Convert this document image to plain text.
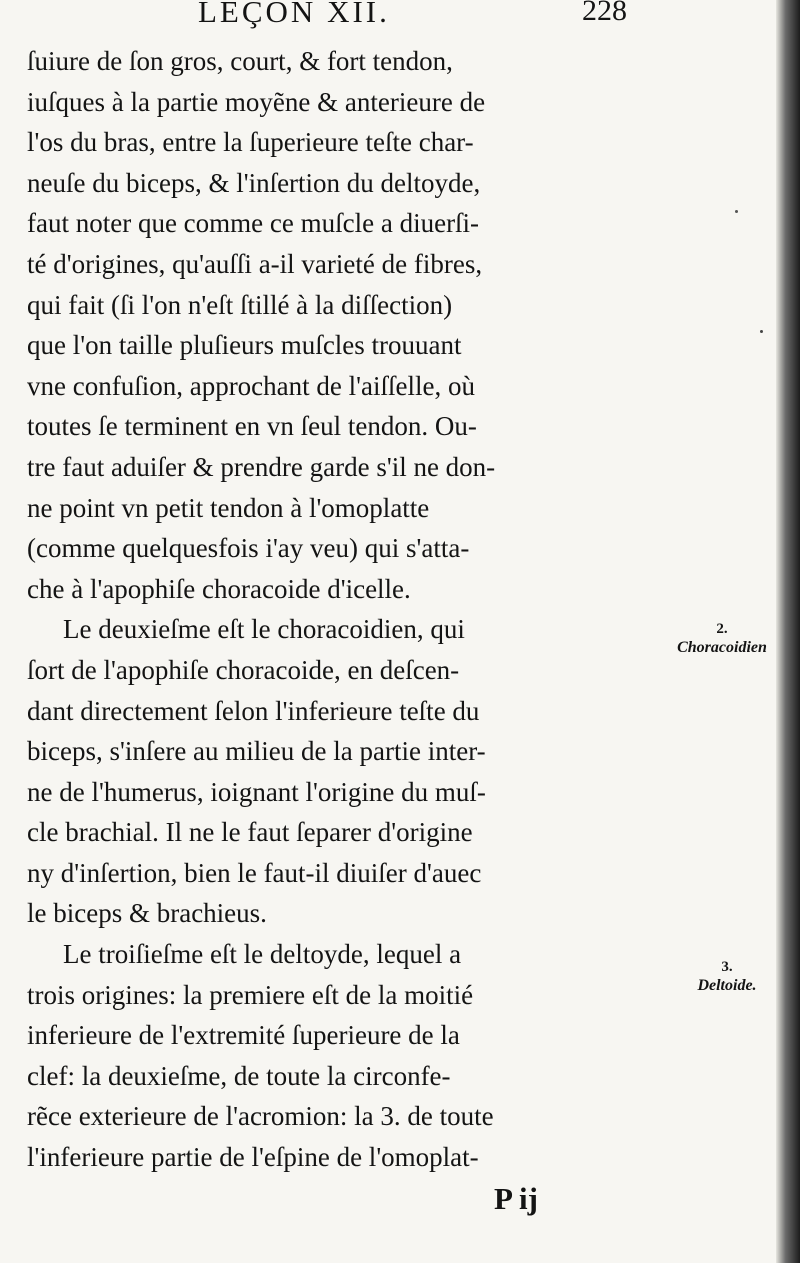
LEÇON XII.	228
ſuiure de ſon gros, court, & fort tendon,
iuſques à la partie moyẽne & anterieure de
l'os du bras, entre la ſuperieure teſte char-
neuſe du biceps, & l'inſertion du deltoyde,
faut noter que comme ce muſcle a diuerſi-
té d'origines, qu'auſſi a-il varieté de fibres,
qui fait (ſi l'on n'eſt ſtillé à la diſſection)
que l'on taille pluſieurs muſcles trouuant
vne confuſion, approchant de l'aiſſelle, où
toutes ſe terminent en vn ſeul tendon. Ou-
tre faut aduiſer & prendre garde s'il ne don-
ne point vn petit tendon à l'omoplatte
(comme quelquesfois i'ay veu) qui s'atta-
che à l'apophiſe choracoide d'icelle.
Le deuxieſme eſt le choracoidien, qui
ſort de l'apophiſe choracoide, en deſcen-
dant directement ſelon l'inferieure teſte du
biceps, s'inſere au milieu de la partie inter-
ne de l'humerus, ioignant l'origine du muſ-
cle brachial. Il ne le faut ſeparer d'origine
ny d'inſertion, bien le faut-il diuiſer d'auec
le biceps & brachieus.
Le troiſieſme eſt le deltoyde, lequel a
trois origines: la premiere eſt de la moitié
inferieure de l'extremité ſuperieure de la
clef: la deuxieſme, de toute la circonfe-
rẽce exterieure de l'acromion: la 3. de toute
l'inferieure partie de l'eſpine de l'omoplat-
2.
Choracoidien
3.
Deltoide.
P ij
